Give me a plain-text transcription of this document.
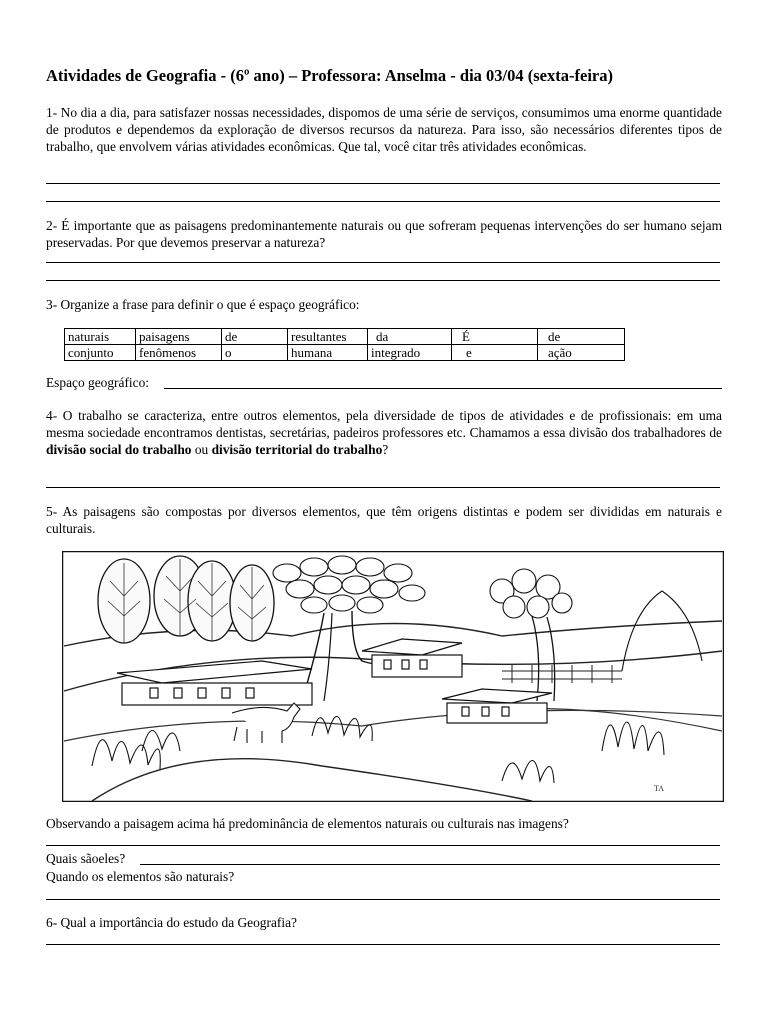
Atividades de Geografia - (6º ano) – Professora: Anselma - dia 03/04 (sexta-feira)
1- No dia a dia, para satisfazer nossas necessidades, dispomos de uma série de serviços, consumimos uma enorme quantidade de produtos e dependemos da exploração de diversos recursos da natureza. Para isso, são necessários diferentes tipos de trabalho, que envolvem várias atividades econômicas. Que tal, você citar três atividades econômicas.
2- É importante que as paisagens predominantemente naturais ou que sofreram pequenas intervenções do ser humano sejam preservadas. Por que devemos preservar a natureza?
3- Organize a frase para definir o que é espaço geográfico:
naturais	paisagens	de	resultantes	da	É	de
conjunto	fenômenos	o	humana	integrado	e	ação
Espaço geográfico:
4- O trabalho se caracteriza, entre outros elementos, pela diversidade de tipos de atividades e de profissionais: em uma mesma sociedade encontramos dentistas, secretárias, padeiros professores etc. Chamamos a essa divisão dos trabalhadores de divisão social do trabalho ou divisão territorial do trabalho?
5- As paisagens são compostas por diversos elementos, que têm origens distintas e podem ser divididas em naturais e culturais.
TA
Observando a paisagem acima há predominância de elementos naturais ou culturais nas imagens?
Quais sãoeles?
Quando os elementos são naturais?
6- Qual a importância do estudo da Geografia?
